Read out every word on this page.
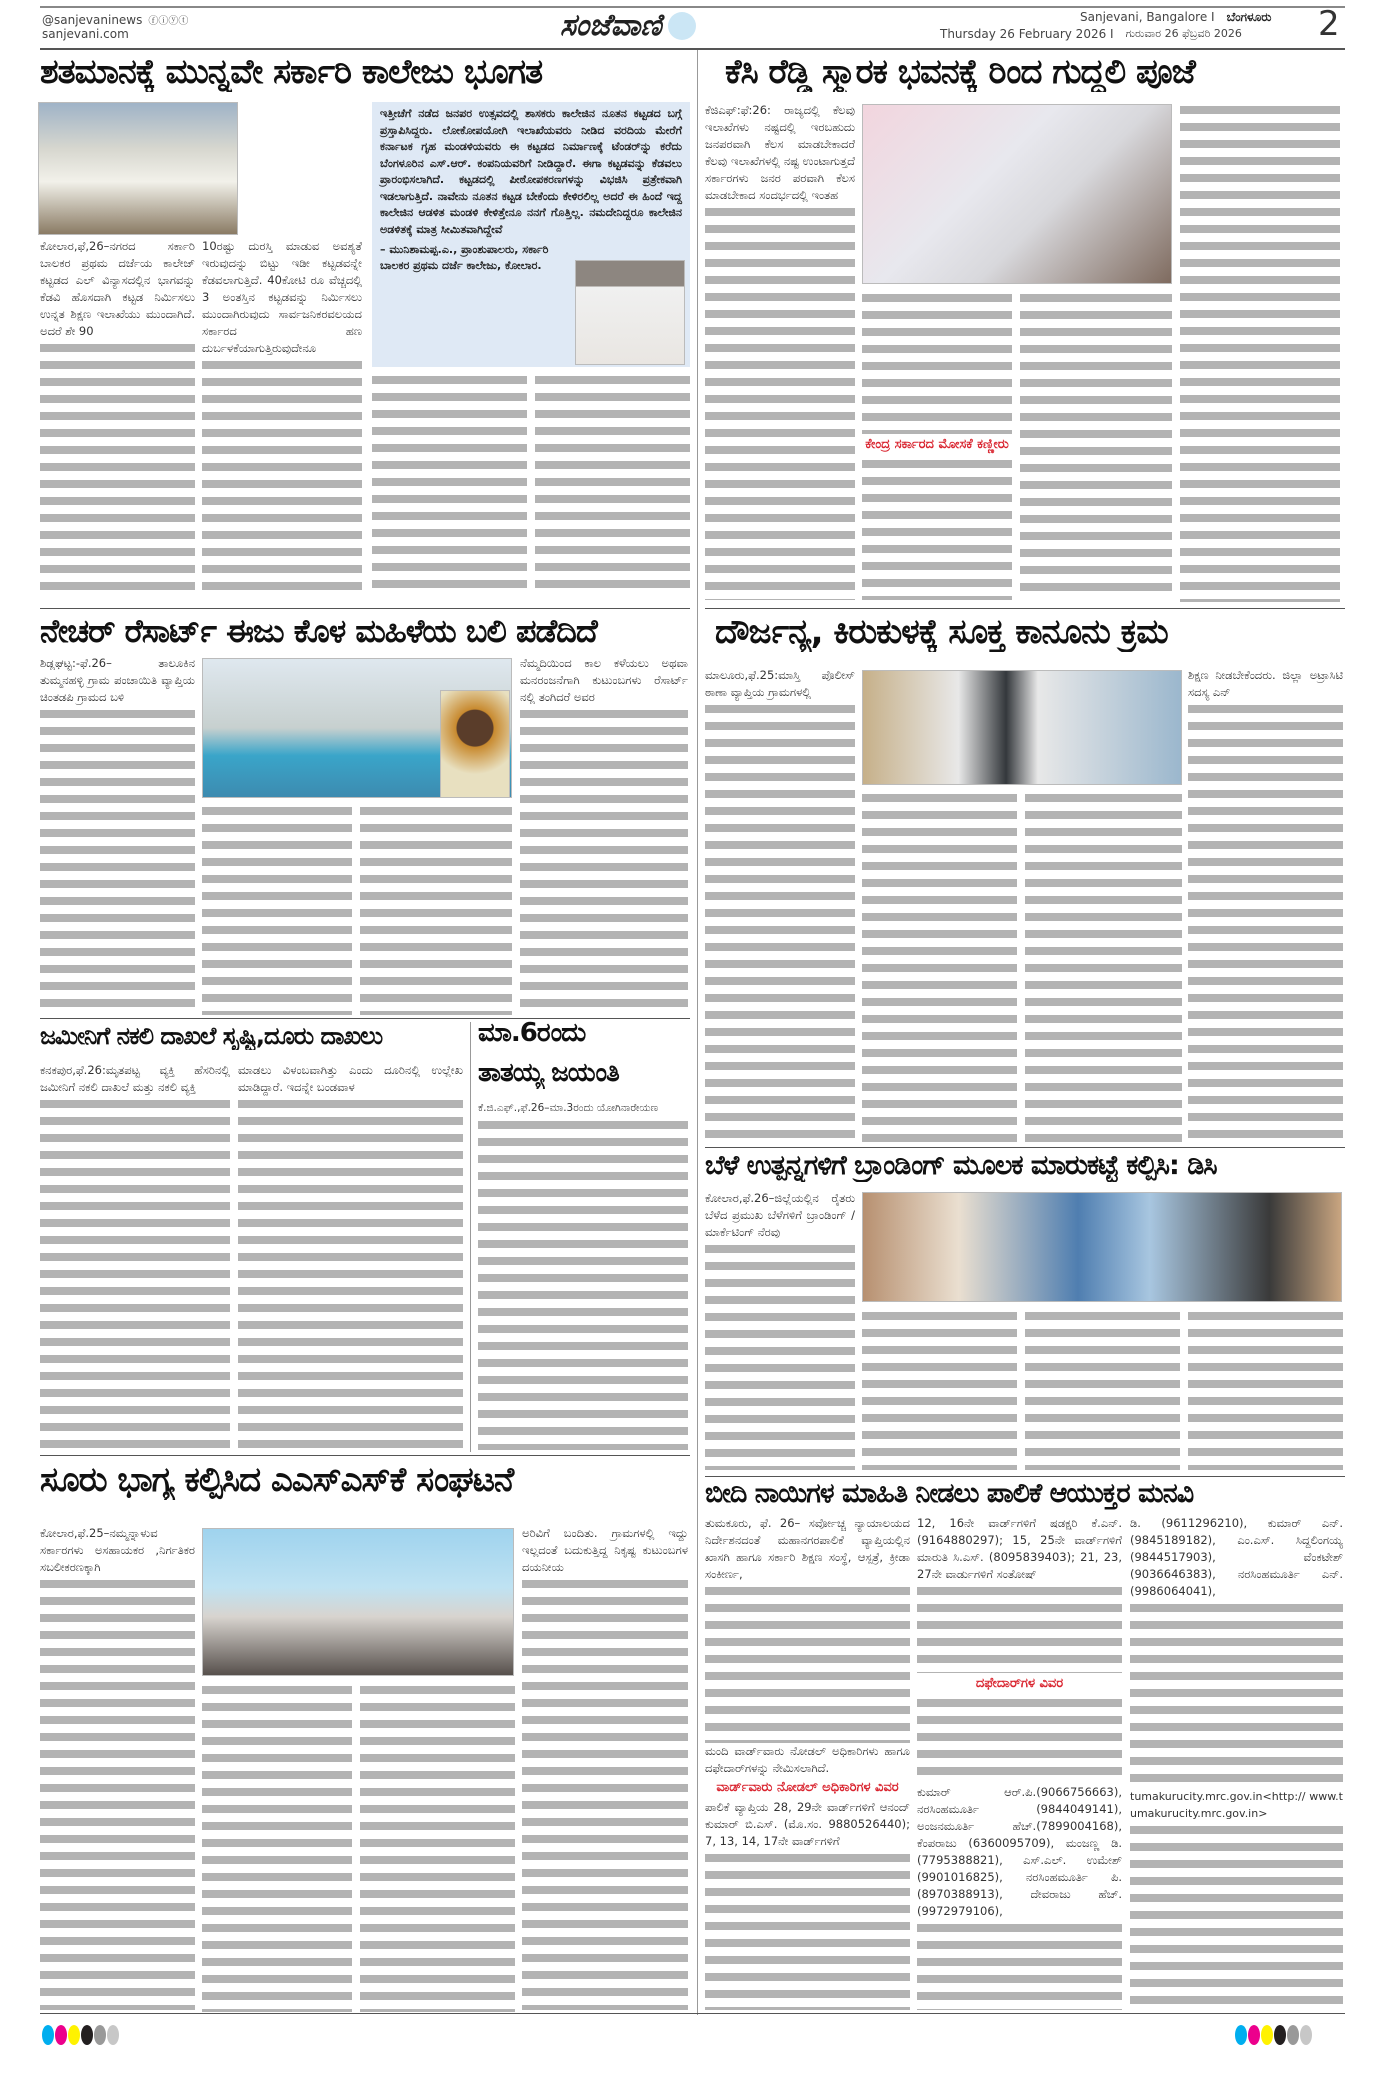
@sanjevaninews ⓕⓘⓨⓣ
sanjevani.com	ಸಂಜೆವಾಣಿ	Sanjevani, Bangalore I ಬೆಂಗಳೂರು
Thursday 26 February 2026 I ಗುರುವಾರ 26 ಫೆಬ್ರವರಿ 2026 2
ಶತಮಾನಕ್ಕೆ ಮುನ್ನವೇ ಸರ್ಕಾರಿ ಕಾಲೇಜು ಭೂಗತ
ಕೋಲಾರ,ಫೆ,26–ನಗರದ ಸರ್ಕಾರಿ ಬಾಲಕರ ಪ್ರಥಮ ದರ್ಜೆಯ ಕಾಲೇಜ್ ಕಟ್ಟಡದ ಎಲ್ ವಿನ್ಯಾಸದಲ್ಲಿನ ಭಾಗವನ್ನು ಕೆಡವಿ ಹೊಸದಾಗಿ ಕಟ್ಟಡ ನಿರ್ಮಿಸಲು ಉನ್ನತ ಶಿಕ್ಷಣ ಇಲಾಖೆಯು ಮುಂದಾಗಿದೆ. ಅದರೆ ಶೇ 90
10ರಷ್ಟು ದುರಸ್ತಿ ಮಾಡುವ ಅವಶ್ಯತೆ ಇರುವುದನ್ನು ಬಿಟ್ಟು ಇಡೀ ಕಟ್ಟಡವನ್ನೇ ಕೆಡವಲಾಗುತ್ತಿದೆ. 40ಕೋಟಿ ರೂ ವೆಚ್ಚದಲ್ಲಿ 3 ಅಂತಸ್ತಿನ ಕಟ್ಟಡವನ್ನು ನಿರ್ಮಿಸಲು ಮುಂದಾಗಿರುವುದು ಸಾರ್ವಜನಿಕರವಲಯದ ಸರ್ಕಾರದ ಹಣ ದುರ್ಬಳಕೆಯಾಗುತ್ತಿರುವುದೇನೂ
ಇತ್ತೀಚೆಗೆ ನಡೆದ ಜನಪರ ಉತ್ಸವದಲ್ಲಿ ಶಾಸಕರು ಕಾಲೇಜಿನ ನೂತನ ಕಟ್ಟಡದ ಬಗ್ಗೆ ಪ್ರಸ್ತಾಪಿಸಿದ್ದರು. ಲೋಕೋಪಯೋಗಿ ಇಲಾಖೆಯವರು ನೀಡಿದ ವರದಿಯ ಮೇರೆಗೆ ಕರ್ನಾಟಕ ಗೃಹ ಮಂಡಳಿಯವರು ಈ ಕಟ್ಟಡದ ನಿರ್ಮಾಣಕ್ಕೆ ಟೆಂಡರ್‌ನ್ನು ಕರೆದು ಬೆಂಗಳೂರಿನ ಎಸ್.ಆರ್. ಕಂಪನಿಯವರಿಗೆ ನೀಡಿದ್ದಾರೆ. ಈಗಾ ಕಟ್ಟಡವನ್ನು ಕೆಡವಲು ಪ್ರಾರಂಭಿಸಲಾಗಿದೆ. ಕಟ್ಟಡದಲ್ಲಿ ಪೀಠೋಪಕರಣಗಳನ್ನು ವಿಭಜಿಸಿ ಪ್ರತ್ರೇಕವಾಗಿ ಇಡಲಾಗುತ್ತಿದೆ. ನಾವೇನು ನೂತನ ಕಟ್ಟಡ ಬೇಕೆಂದು ಕೇಳಿರಲಿಲ್ಲ ಅದರೆ ಈ ಹಿಂದೆ ಇದ್ದ ಕಾಲೇಜಿನ ಆಡಳಿತ ಮಂಡಳಿ ಕೇಳಿತ್ತೇನೂ ನನಗೆ ಗೊತ್ತಿಲ್ಲ. ನಮದೇನಿದ್ದರೂ ಕಾಲೇಜಿನ ಅಡಳಿತಕ್ಕೆ ಮಾತ್ರ ಸೀಮಿತವಾಗಿದ್ದೇವೆ
– ಮುನಿಶಾಮಪ್ಪ.ಎ., ಪ್ರಾಂಶುಪಾಲರು, ಸರ್ಕಾರಿ ಬಾಲಕರ ಪ್ರಥಮ ದರ್ಜೆ ಕಾಲೇಜು, ಕೋಲಾರ.
ಕೆಜಿಎಫ್:ಫೆ:26: ರಾಜ್ಯದಲ್ಲಿ ಕೆಲವು ಇಲಾಖೆಗಳು ನಷ್ಟದಲ್ಲಿ ಇರಬಹುದು ಜನಪರವಾಗಿ ಕೆಲಸ ಮಾಡಬೇಕಾದರೆ ಕೆಲವು ಇಲಾಖೆಗಳಲ್ಲಿ ನಷ್ಟ ಉಂಟಾಗುತ್ತದೆ ಸರ್ಕಾರಗಳು ಜನರ ಪರವಾಗಿ ಕೆಲಸ ಮಾಡಬೇಕಾದ ಸಂದರ್ಭದಲ್ಲಿ ಇಂತಹ
ಕೆಸಿ ರೆಡ್ಡಿ ಸ್ಮಾರಕ ಭವನಕ್ಕೆ ರಿಂದ ಗುದ್ದಲಿ ಪೂಜೆ
ಕೇಂದ್ರ ಸರ್ಕಾರದ ಮೋಸಕೆ ಕಣ್ಣೀರು
ನೇಚರ್ ರೆಸಾರ್ಟ್ ಈಜು ಕೊಳ ಮಹಿಳೆಯ ಬಲಿ ಪಡೆದಿದೆ
ಶಿಡ್ಲಘಟ್ಟ:-ಫೆ.26– ತಾಲೂಕಿನ ತುಮ್ಮನಹಳ್ಳಿ ಗ್ರಾಮ ಪಂಚಾಯಿತಿ ವ್ಯಾಪ್ತಿಯ ಚಿಂತಡಪಿ ಗ್ರಾಮದ ಬಳಿ
ನೆಮ್ಮದಿಯಿಂದ ಕಾಲ ಕಳೆಯಲು ಅಥವಾ ಮನರಂಜನೆಗಾಗಿ ಕುಟುಂಬಗಳು ರೆಸಾರ್ಟ್ ನಲ್ಲಿ ತಂಗಿದರೆ ಅವರ
ದೌರ್ಜನ್ಯ, ಕಿರುಕುಳಕ್ಕೆ ಸೂಕ್ತ ಕಾನೂನು ಕ್ರಮ
ಮಾಲೂರು,ಫೆ.25:ಮಾಸ್ತಿ ಪೊಲೀಸ್ ಠಾಣಾ ವ್ಯಾಪ್ತಿಯ ಗ್ರಾಮಗಳಲ್ಲಿ
ಶಿಕ್ಷಣ ನೀಡಬೇಕೆಂದರು. ಜಿಲ್ಲಾ ಅಟ್ರಾಸಿಟಿ ಸದಸ್ಯ ಎನ್
ಜಮೀನಿಗೆ ನಕಲಿ ದಾಖಲೆ ಸೃಷ್ಟಿ,ದೂರು ದಾಖಲು
ಕನಕಪುರ,ಫೆ.26:ಮೃತಪಟ್ಟ ವ್ಯಕ್ತಿ ಹೆಸರಿನಲ್ಲಿ ಜಮೀನಿಗೆ ನಕಲಿ ದಾಖಲೆ ಮತ್ತು ನಕಲಿ ವ್ಯಕ್ತಿ
ಮಾಡಲು ವಿಳಂಬವಾಗಿತ್ತು ಎಂದು ದೂರಿನಲ್ಲಿ ಉಲ್ಲೇಖ ಮಾಡಿದ್ದಾರೆ. ಇದನ್ನೇ ಬಂಡವಾಳ
ಮಾ.6ರಂದು
ತಾತಯ್ಯ ಜಯಂತಿ
ಕೆ.ಜಿ.ಎಫ್.,ಫೆ.26–ಮಾ.3ರಂದು ಯೋಗಿನಾರೇಯಣ
ಬೆಳೆ ಉತ್ಪನ್ನಗಳಿಗೆ ಬ್ರಾಂಡಿಂಗ್ ಮೂಲಕ ಮಾರುಕಟ್ಟೆ ಕಲ್ಪಿಸಿ: ಡಿಸಿ
ಕೋಲಾರ,ಫೆ.26–ಜಿಲ್ಲೆಯಲ್ಲಿನ ರೈತರು ಬೆಳೆದ ಪ್ರಮುಖ ಬೆಳೆಗಳಿಗೆ ಬ್ರಾಂಡಿಂಗ್ / ಮಾರ್ಕೆಟಿಂಗ್ ನೆರವು
ಸೂರು ಭಾಗ್ಯ ಕಲ್ಪಿಸಿದ ಎಎಸ್‌ಎಸ್‌ಕೆ ಸಂಘಟನೆ
ಕೋಲಾರ,ಫೆ.25–ನಮ್ಮನ್ನಾಳುವ ಸರ್ಕಾರಗಳು ಅಸಹಾಯಕರ ,ನಿರ್ಗತಿಕರ ಸಬಲೀಕರಣಕ್ಕಾಗಿ
ಅರಿವಿಗೆ ಬಂದಿತು. ಗ್ರಾಮಗಳಲ್ಲಿ ಇದ್ದು ಇಲ್ಲದಂತೆ ಬದುಕುತ್ತಿದ್ದ ನಿಕೃಷ್ಟ ಕುಟುಂಬಗಳ ದಯನೀಯ
ಬೀದಿ ನಾಯಿಗಳ ಮಾಹಿತಿ ನೀಡಲು ಪಾಲಿಕೆ ಆಯುಕ್ತರ ಮನವಿ
ತುಮಕೂರು, ಫೆ. 26– ಸರ್ವೋಚ್ಚ ನ್ಯಾಯಾಲಯದ ನಿರ್ದೇಶನದಂತೆ ಮಹಾನಗರಪಾಲಿಕೆ ವ್ಯಾಪ್ತಿಯಲ್ಲಿನ ಖಾಸಗಿ ಹಾಗೂ ಸರ್ಕಾರಿ ಶಿಕ್ಷಣ ಸಂಸ್ಥೆ, ಆಸ್ಪತ್ರೆ, ಕ್ರೀಡಾ ಸಂಕೀರ್ಣ,
ಮಂದಿ ವಾರ್ಡ್‌ವಾರು ನೋಡಲ್ ಅಧಿಕಾರಿಗಳು ಹಾಗೂ ದಫೇದಾರ್‌ಗಳನ್ನು ನೇಮಿಸಲಾಗಿದೆ.
ವಾರ್ಡ್‌ವಾರು ನೋಡಲ್ ಅಧಿಕಾರಿಗಳ ವಿವರ
ಪಾಲಿಕೆ ವ್ಯಾಪ್ತಿಯ 28, 29ನೇ ವಾರ್ಡ್‌ಗಳಿಗೆ ಆನಂದ್ ಕುಮಾರ್ ಬಿ.ಎಸ್. (ಮೊ.ಸಂ. 9880526440); 7, 13, 14, 17ನೇ ವಾರ್ಡ್‌ಗಳಿಗೆ
12, 16ನೇ ವಾರ್ಡ್‌ಗಳಿಗೆ ಷಡಕ್ಷರಿ ಕೆ.ಎನ್. (9164880297); 15, 25ನೇ ವಾರ್ಡ್‌ಗಳಿಗೆ ಮಾರುತಿ ಸಿ.ಎಸ್. (8095839403); 21, 23, 27ನೇ ವಾರ್ಡುಗಳಿಗೆ ಸಂತೋಷ್
ದಫೇದಾರ್‌ಗಳ ವಿವರ
ಕುಮಾರ್ ಆರ್.ಪಿ.(9066756663), ನರಸಿಂಹಮೂರ್ತಿ (9844049141), ಅಂಜನಮೂರ್ತಿ ಹೆಚ್.(7899004168), ಕೆಂಪರಾಜು (6360095709), ಮಂಜಣ್ಣ ಡಿ. (7795388821), ಎಸ್.ಎಲ್. ಉಮೇಶ್ (9901016825), ನರಸಿಂಹಮೂರ್ತಿ ಪಿ. (8970388913), ದೇವರಾಜು ಹೆಚ್.(9972979106),
ಡಿ. (9611296210), ಕುಮಾರ್ ಎನ್. (9845189182), ಎಂ.ಎಸ್. ಸಿದ್ದಲಿಂಗಯ್ಯ (9844517903), ವೆಂಕಟೇಶ್ (9036646383), ನರಸಿಂಹಮೂರ್ತಿ ಎನ್. (9986064041),
tumakurucity.mrc.gov.in<http:// www.tumakurucity.mrc.gov.in>
